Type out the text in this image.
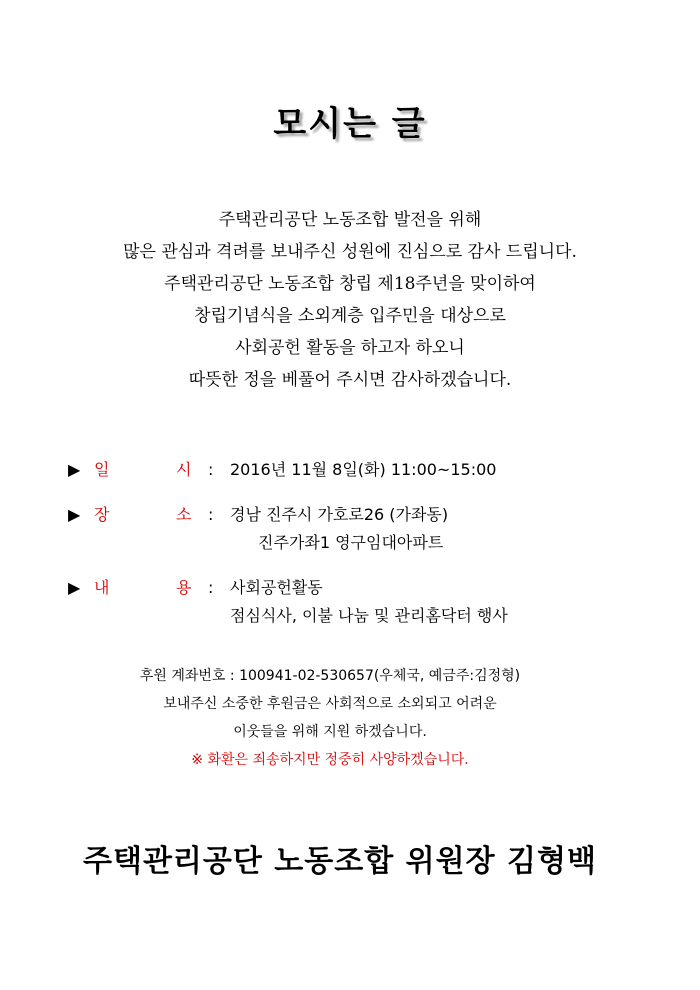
모시는 글
주택관리공단 노동조합 발전을 위해
많은 관심과 격려를 보내주신 성원에 진심으로 감사 드립니다.
주택관리공단 노동조합 창립 제18주년을 맞이하여
창립기념식을 소외계층 입주민을 대상으로
사회공헌 활동을 하고자 하오니
따뜻한 정을 베풀어 주시면 감사하겠습니다.
▶ 일	시 : 2016년 11월 8일(화) 11:00~15:00
▶ 장	소 : 경남 진주시 가호로26 (가좌동)
진주가좌1 영구임대아파트
▶ 내	용 : 사회공헌활동
점심식사, 이불 나눔 및 관리홈닥터 행사
후원 계좌번호 : 100941-02-530657(우체국, 예금주:김정형)
보내주신 소중한 후원금은 사회적으로 소외되고 어려운
이웃들을 위해 지원 하겠습니다.
※ 화환은 죄송하지만 정중히 사양하겠습니다.
주택관리공단 노동조합 위원장 김형백
